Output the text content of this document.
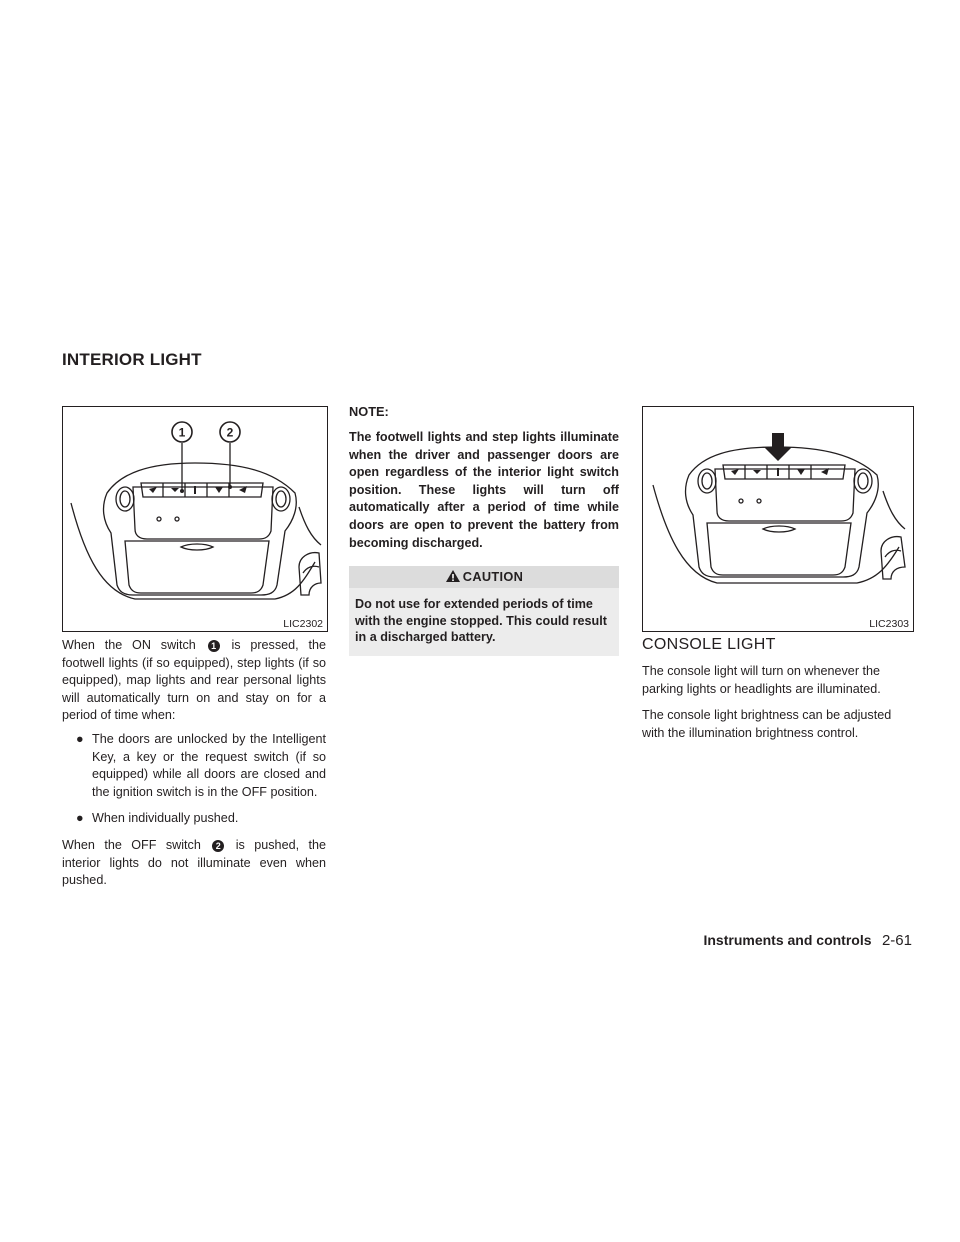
INTERIOR LIGHT
1	2
LIC2302

When the ON switch 1 is pressed, the footwell lights (if so equipped), step lights (if so equipped), map lights and rear personal lights will automatically turn on and stay on for a period of time when:

● The doors are unlocked by the Intelligent Key, a key or the request switch (if so equipped) while all doors are closed and the ignition switch is in the OFF position.
● When individually pushed.

When the OFF switch 2 is pushed, the interior lights do not illuminate even when pushed.

NOTE:

The footwell lights and step lights illuminate when the driver and passenger doors are open regardless of the interior light switch position. These lights will turn off automatically after a period of time while doors are open to prevent the battery from becoming discharged.

CAUTION
Do not use for extended periods of time with the engine stopped. This could result in a discharged battery.
LIC2303
CONSOLE LIGHT

The console light will turn on whenever the parking lights or headlights are illuminated.

The console light brightness can be adjusted with the illumination brightness control.

Instruments and controls 2-61
